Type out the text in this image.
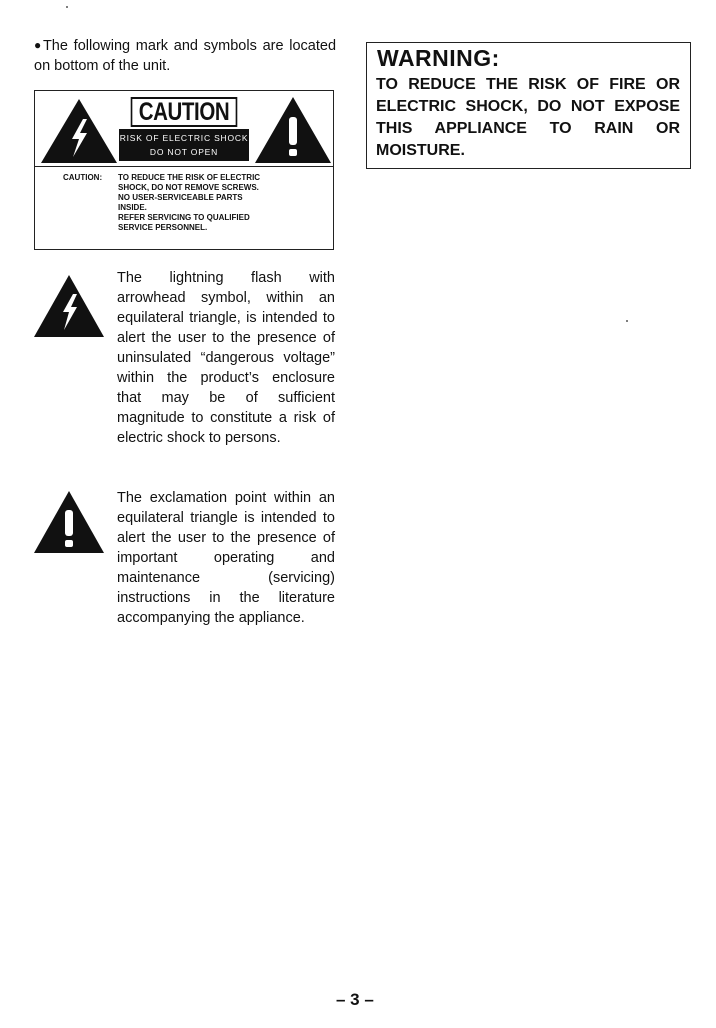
●The following mark and symbols are located on bottom of the unit.
CAUTION
RISK OF ELECTRIC SHOCK
DO NOT OPEN
CAUTION: TO REDUCE THE RISK OF ELECTRIC
SHOCK, DO NOT REMOVE SCREWS.
NO USER-SERVICEABLE PARTS
INSIDE.
REFER SERVICING TO QUALIFIED
SERVICE PERSONNEL.
WARNING:
TO REDUCE THE RISK OF FIRE OR ELECTRIC SHOCK, DO NOT EXPOSE THIS APPLIANCE TO RAIN OR MOISTURE.
The lightning flash with arrowhead symbol, within an equilateral triangle, is intended to alert the user to the presence of uninsulated “dangerous voltage” within the product’s enclosure that may be of sufficient magnitude to constitute a risk of electric shock to persons.
The exclamation point within an equilateral triangle is intended to alert the user to the presence of important operating and maintenance (servicing) instructions in the literature accompanying the appliance.
– 3 –
